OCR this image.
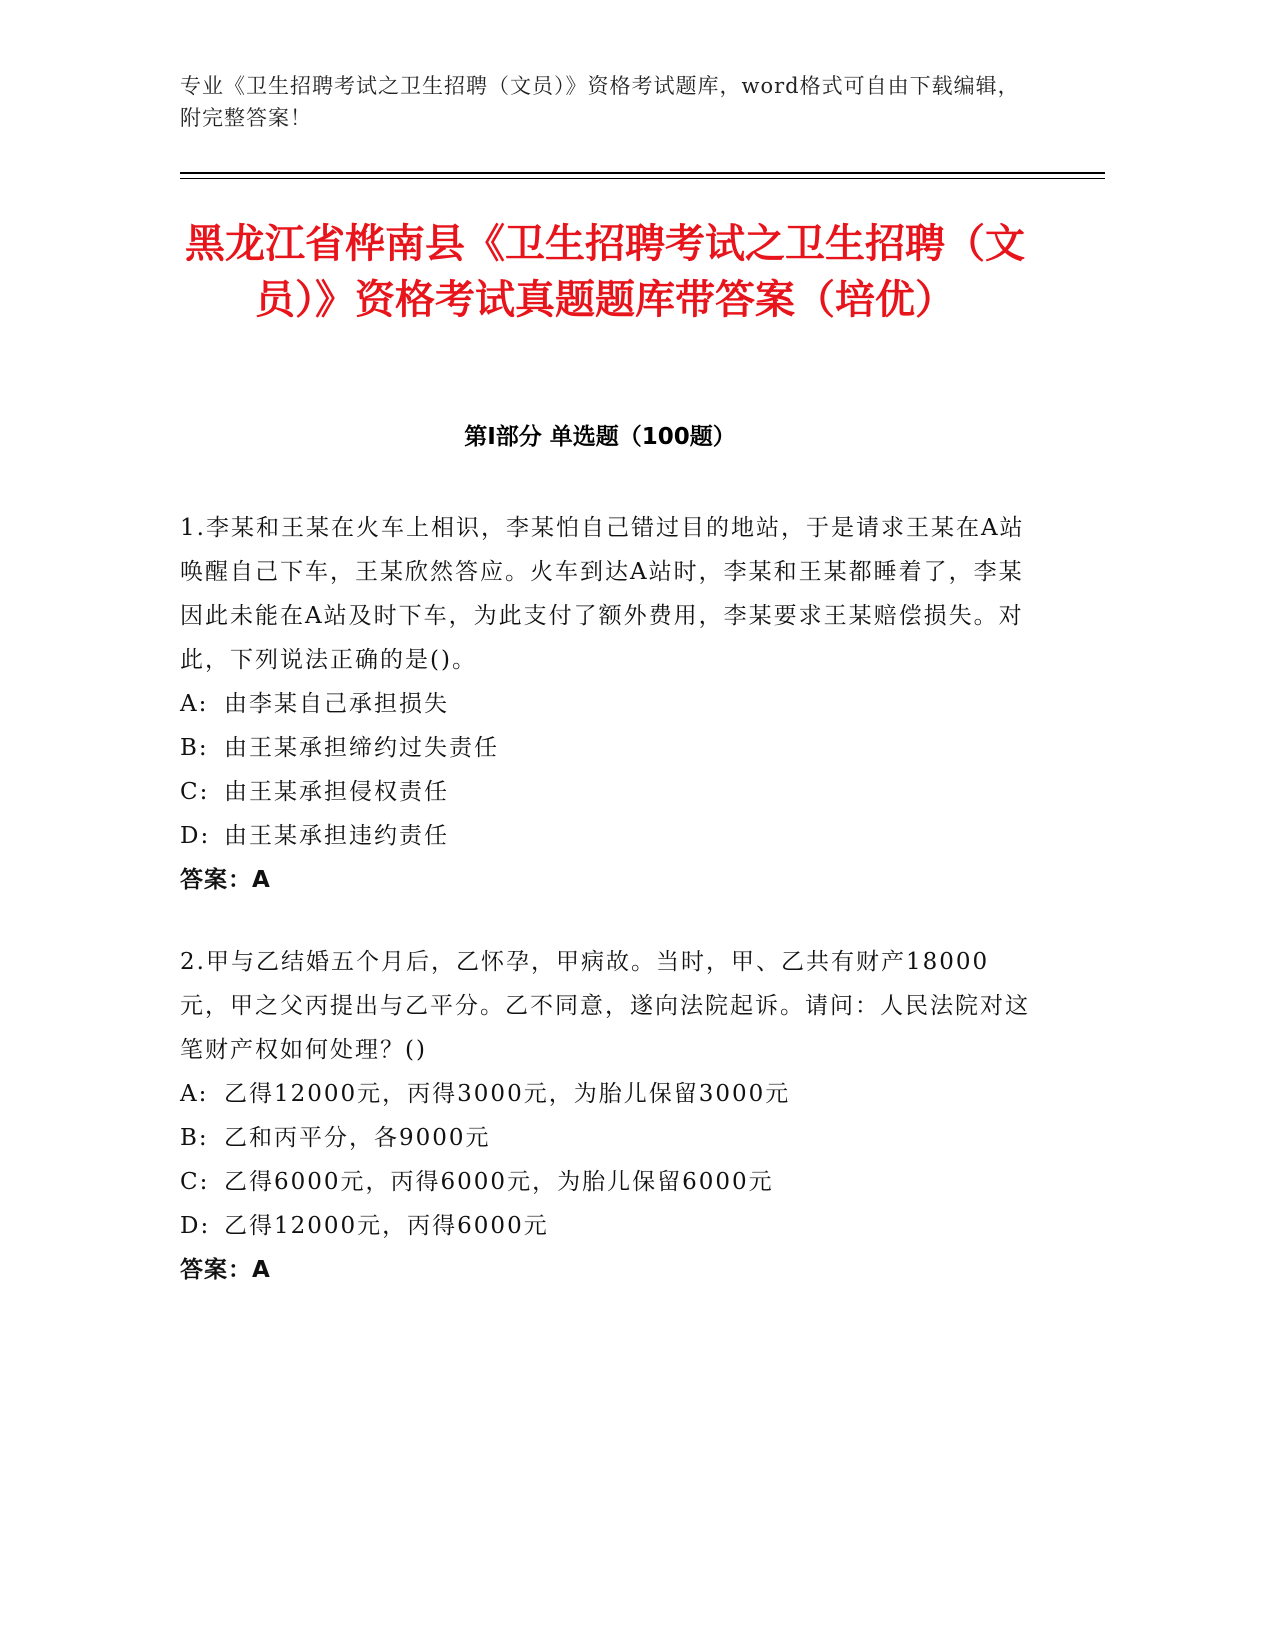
专业《卫生招聘考试之卫生招聘（文员）》资格考试题库，word格式可自由下载编辑，附完整答案！

黑龙江省桦南县《卫生招聘考试之卫生招聘（文员）》资格考试真题题库带答案（培优）
第Ⅰ部分 单选题（100题）

1.李某和王某在火车上相识，李某怕自己错过目的地站，于是请求王某在A站唤醒自己下车，王某欣然答应。火车到达A站时，李某和王某都睡着了，李某因此未能在A站及时下车，为此支付了额外费用，李某要求王某赔偿损失。对此，下列说法正确的是()。

A: 由李某自己承担损失
B: 由王某承担缔约过失责任
C: 由王某承担侵权责任
D: 由王某承担违约责任

答案：A

2.甲与乙结婚五个月后，乙怀孕，甲病故。当时，甲、乙共有财产18000元，甲之父丙提出与乙平分。乙不同意，遂向法院起诉。请问：人民法院对这笔财产权如何处理？()

A: 乙得12000元，丙得3000元，为胎儿保留3000元
B: 乙和丙平分，各9000元
C: 乙得6000元，丙得6000元，为胎儿保留6000元
D: 乙得12000元，丙得6000元

答案：A
